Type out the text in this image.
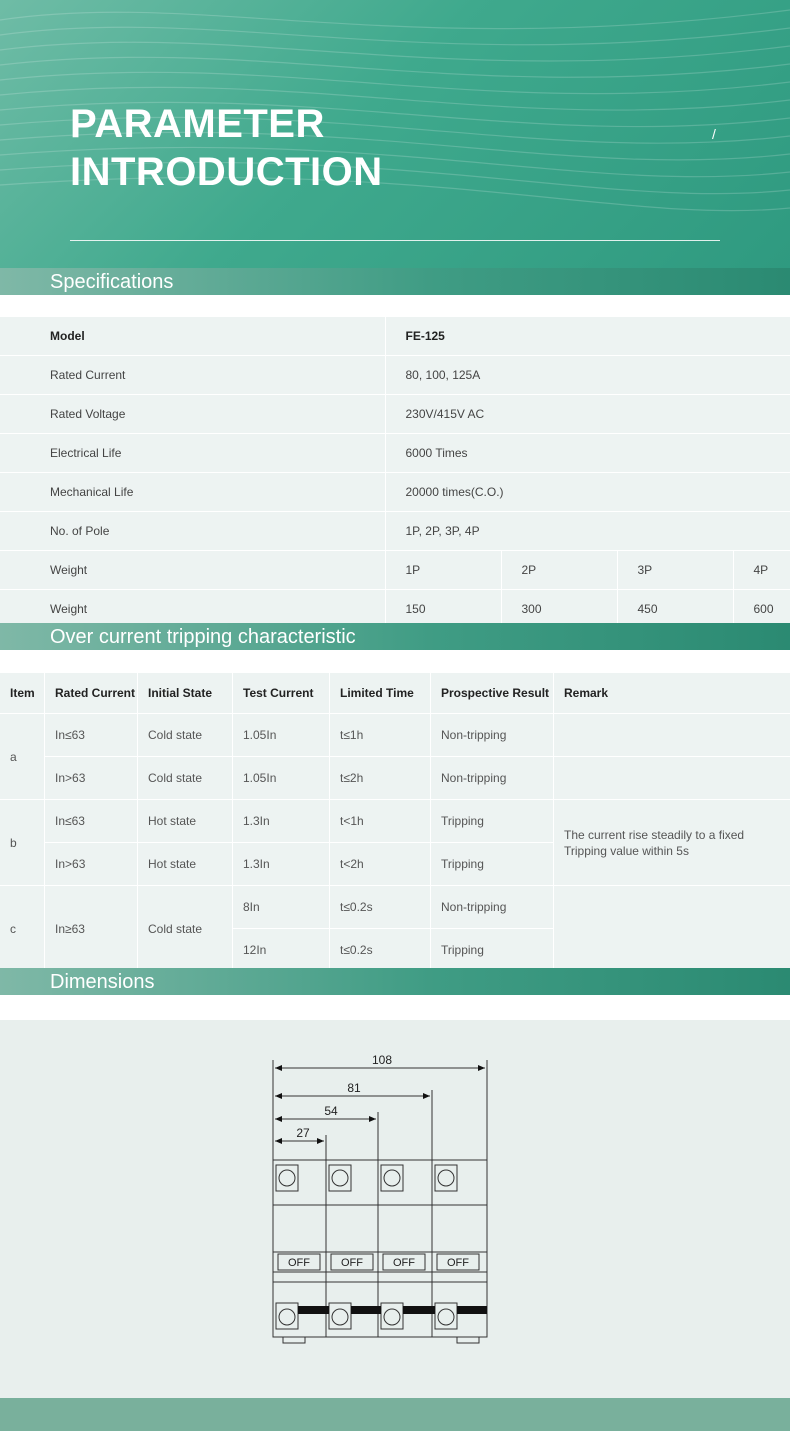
PARAMETER
INTRODUCTION
/
Specifications
Model	FE-125			
Rated Current	80, 100, 125A			
Rated Voltage	230V/415V AC			
Electrical Life	6000 Times			
Mechanical Life	20000 times(C.O.)			
No. of Pole	1P, 2P, 3P, 4P			
Weight	1P	2P	3P	4P
Weight	150	300	450	600
Over current tripping characteristic
Item	Rated Current	Initial State	Test Current	Limited Time	Prospective Result	Remark
a	In≤63	Cold state	1.05In	t≤1h	Non-tripping	
	In>63	Cold state	1.05In	t≤2h	Non-tripping	
b	In≤63	Hot state	1.3In	t<1h	Tripping	The current rise steadily to a fixed Tripping value within 5s
	In>63	Hot state	1.3In	t<2h	Tripping	
c	In≥63	Cold state	8In	t≤0.2s	Non-tripping	
			12In	t≤0.2s	Tripping	
Dimensions
108
81
54
27
OFF	OFF	OFF	OFF
